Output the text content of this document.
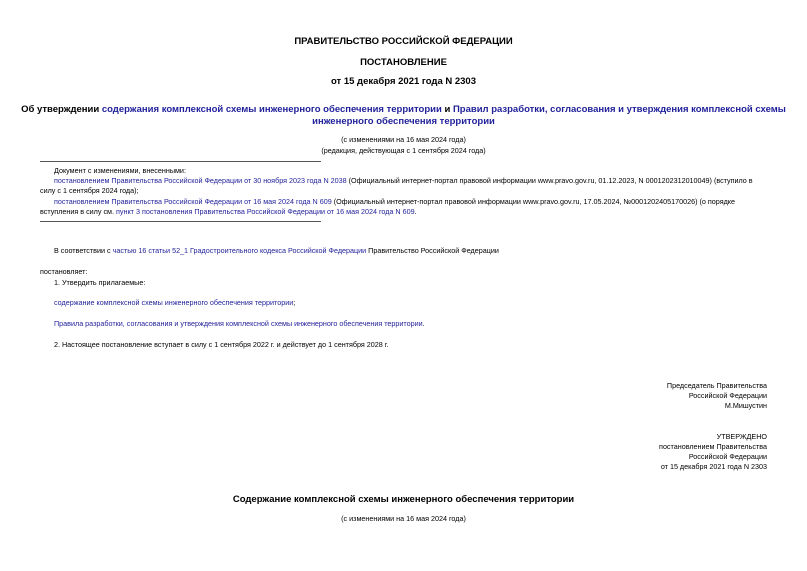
ПРАВИТЕЛЬСТВО РОССИЙСКОЙ ФЕДЕРАЦИИ
ПОСТАНОВЛЕНИЕ
от 15 декабря 2021 года N 2303
Об утверждении содержания комплексной схемы инженерного обеспечения территории и Правил разработки, согласования и утверждения комплексной схемы
инженерного обеспечения территории
(с изменениями на 16 мая 2024 года)
(редакция, действующая с 1 сентября 2024 года)
Документ с изменениями, внесенными:
постановлением Правительства Российской Федерации от 30 ноября 2023 года N 2038 (Официальный интернет-портал правовой информации www.pravo.gov.ru, 01.12.2023, N 0001202312010049) (вступило в
силу с 1 сентября 2024 года);
постановлением Правительства Российской Федерации от 16 мая 2024 года N 609 (Официальный интернет-портал правовой информации www.pravo.gov.ru, 17.05.2024, №0001202405170026) (о порядке
вступления в силу см. пункт 3 постановления Правительства Российской Федерации от 16 мая 2024 года N 609.
В соответствии с частью 16 статьи 52_1 Градостроительного кодекса Российской Федерации Правительство Российской Федерации
постановляет:
1. Утвердить прилагаемые:
содержание комплексной схемы инженерного обеспечения территории;
Правила разработки, согласования и утверждения комплексной схемы инженерного обеспечения территории.
2. Настоящее постановление вступает в силу с 1 сентября 2022 г. и действует до 1 сентября 2028 г.
Председатель Правительства
Российской Федерации
М.Мишустин
УТВЕРЖДЕНО
постановлением Правительства
Российской Федерации
от 15 декабря 2021 года N 2303
Содержание комплексной схемы инженерного обеспечения территории
(с изменениями на 16 мая 2024 года)
